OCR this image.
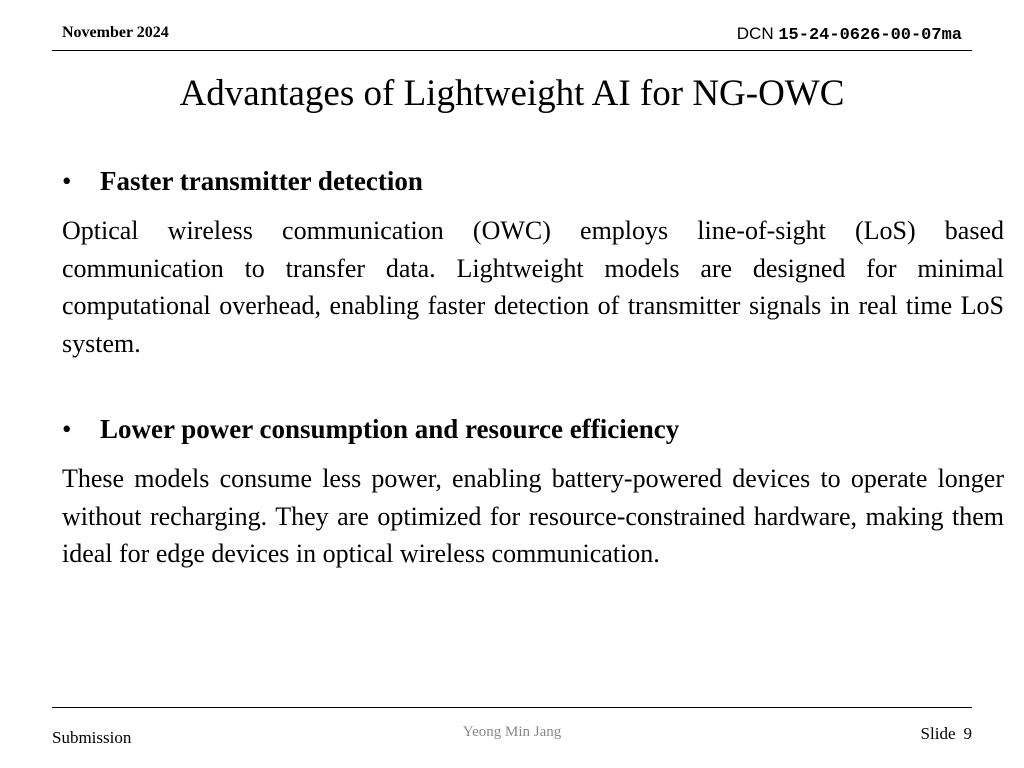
November 2024	DCN 15-24-0626-00-07ma
Advantages of Lightweight AI for NG-OWC
•	Faster transmitter detection
Optical wireless communication (OWC) employs line-of-sight (LoS) based communication to transfer data. Lightweight models are designed for minimal computational overhead, enabling faster detection of transmitter signals in real time LoS system.
•	Lower power consumption and resource efficiency
These models consume less power, enabling battery-powered devices to operate longer without recharging. They are optimized for resource-constrained hardware, making them ideal for edge devices in optical wireless communication.
Submission	Yeong Min Jang	Slide 9
